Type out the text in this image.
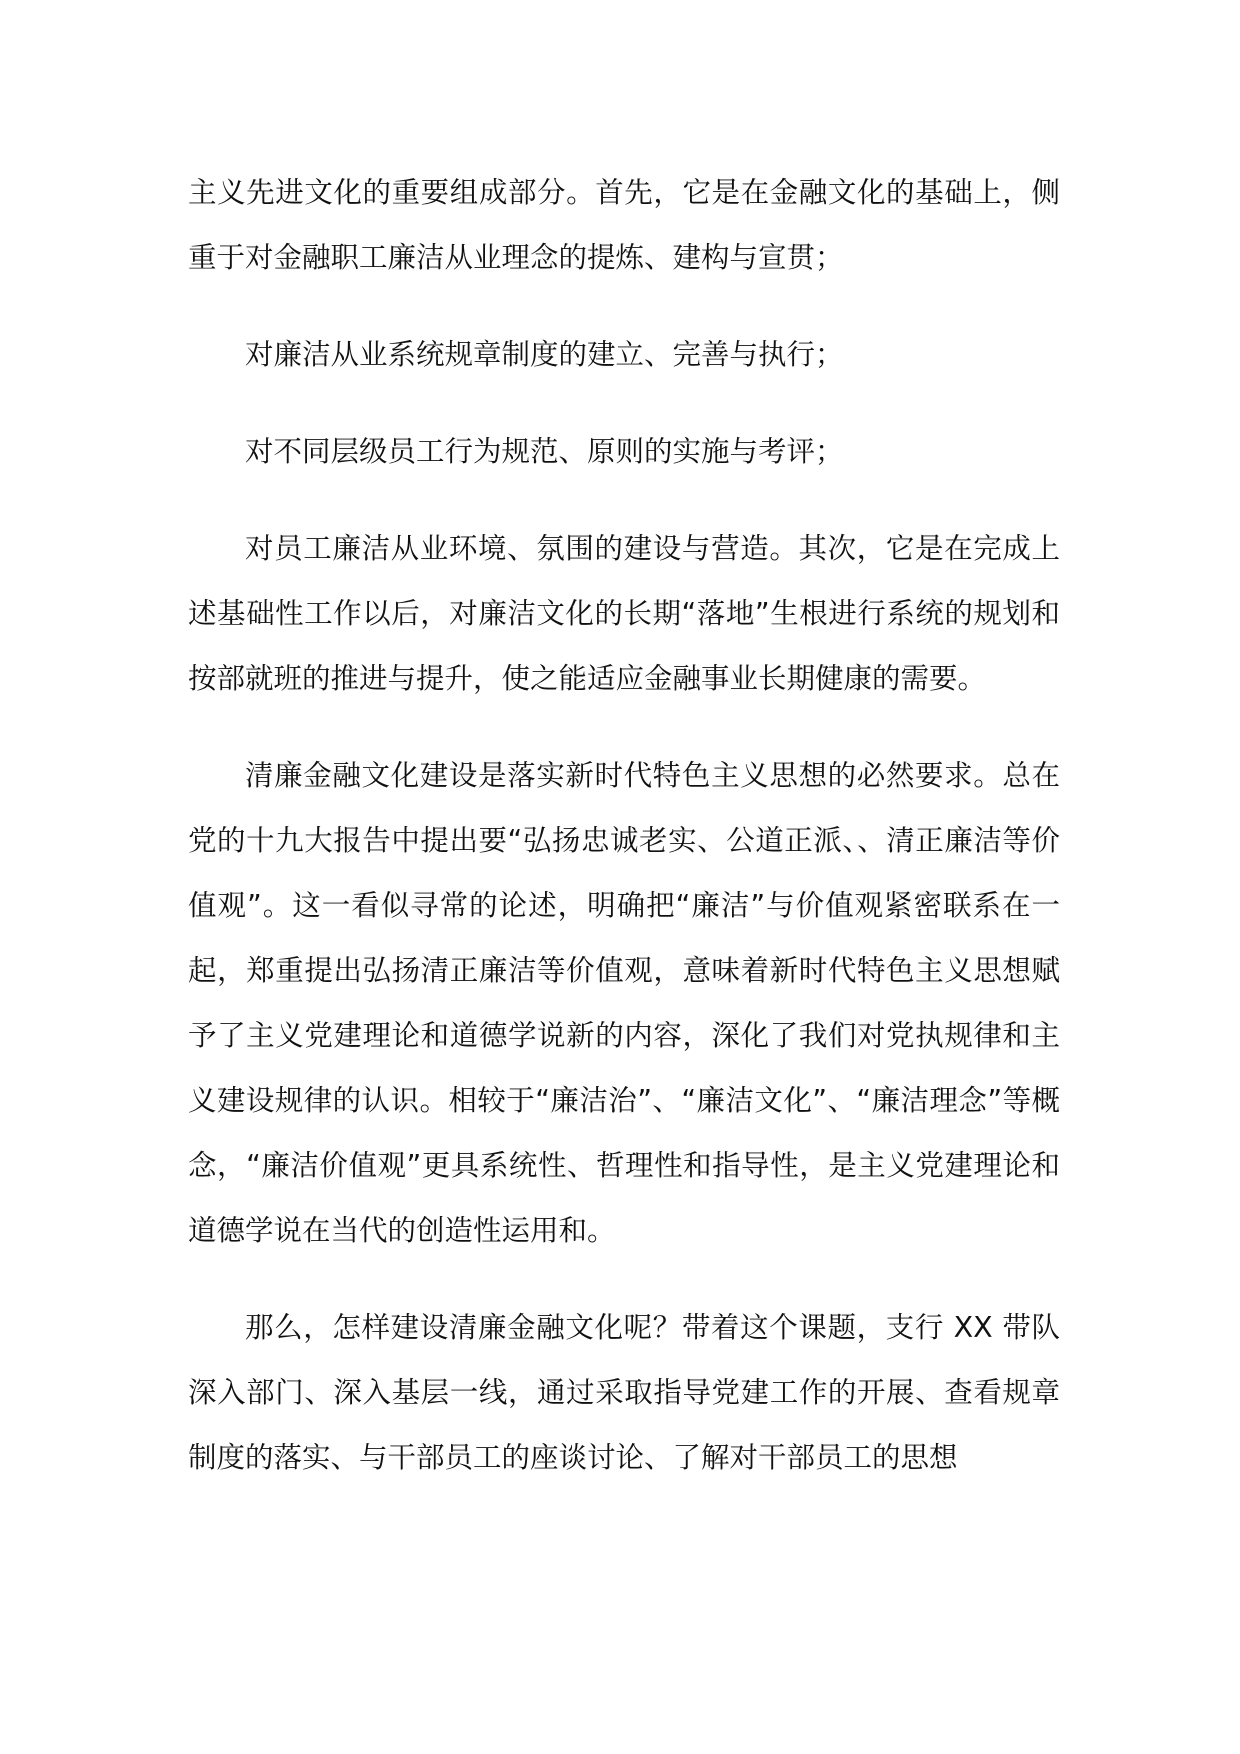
主义先进文化的重要组成部分。首先，它是在金融文化的基础上，侧重于对金融职工廉洁从业理念的提炼、建构与宣贯；

对廉洁从业系统规章制度的建立、完善与执行；

对不同层级员工行为规范、原则的实施与考评；

对员工廉洁从业环境、氛围的建设与营造。其次，它是在完成上述基础性工作以后，对廉洁文化的长期“落地”生根进行系统的规划和按部就班的推进与提升，使之能适应金融事业长期健康的需要。

清廉金融文化建设是落实新时代特色主义思想的必然要求。总在党的十九大报告中提出要“弘扬忠诚老实、公道正派、、清正廉洁等价值观”。这一看似寻常的论述，明确把“廉洁”与价值观紧密联系在一起，郑重提出弘扬清正廉洁等价值观，意味着新时代特色主义思想赋予了主义党建理论和道德学说新的内容，深化了我们对党执规律和主义建设规律的认识。相较于“廉洁治”、“廉洁文化”、“廉洁理念”等概念，“廉洁价值观”更具系统性、哲理性和指导性，是主义党建理论和道德学说在当代的创造性运用和。

那么，怎样建设清廉金融文化呢？带着这个课题，支行 XX 带队深入部门、深入基层一线，通过采取指导党建工作的开展、查看规章制度的落实、与干部员工的座谈讨论、了解对干部员工的思想
